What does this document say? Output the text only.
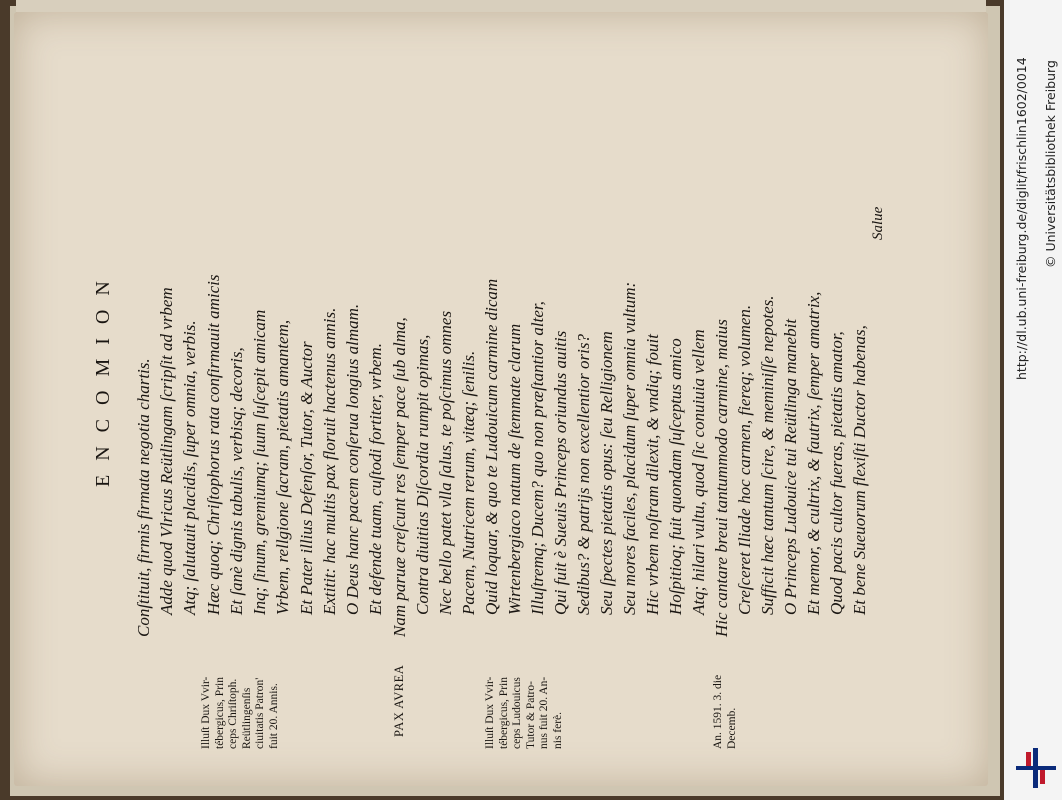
ENCOMION Conſtituit, firmis firmata negotia chartis. Adde quod Vlricus Reütlingam ſcripſit ad vrbem Atq; ſalutauit placidis, ſuper omnia, verbis. Hæc quoq; Chriſtophorus rata confirmauit amicis Et ſanè dignis tabulis, verbisq; decoris, Inq; ſinum, gremiumq; ſuum ſuſcepit amicam Vrbem, rellgione ſacram, pietatis amantem, Et Pater illius Defenſor, Tutor, & Auctor Extitit: hac multis pax floruit hactenus annis. O Deus hanc pacem conſerua longius almam. Et defende tuam, cuſtodi fortiter, vrbem. Nam paruæ creſcunt res ſemper pace ſub alma, Contra diuitias Diſcordia rumpit opimas, Nec bello patet vlla ſalus, te poſcimus omnes Pacem, Nutricem rerum, vitæq; ſenilis. Quid loquar, & quo te Ludouicum carmine dicam Wirtenbergiaco natum de ſtemmate clarum Illuſtremq; Ducem? quo non præſtantior alter, Qui fuit è Sueuis Princeps oriundus auitis Sedibus? & patrijs non excellentior oris? Seu ſpectes pietatis opus: ſeu Relligionem Seu mores faciles, placidum ſuper omnia vultum: Hic vrbem noſtram dilexit, & vndiq; fouit Hoſpitioq; fuit quondam ſuſceptus amico Atq; hilari vultu, quod ſic conuiuia vellem Hic cantare breui tantummodo carmine, maius Creſceret Iliade hoc carmen, fiereq; volumen. Sufficit hæc tantum ſcire, & meminiſſe nepotes. O Princeps Ludouice tui Reütlinga manebit Et memor, & cultrix, & fautrix, ſemper amatrix, Quod pacis cultor fueras, pietatis amator, Et bene Sueuorum flexiſti Ductor habenas,
Illuſt Dux Vvir-
tébergicus, Prin
ceps Chriſtoph.
Reütlingenſis
ciuitatis Patron'
fuit 20. Annis.	PAX AVREA
Illuſt Dux Vvir-
tébergicus, Prin
ceps Ludouicus
Tutor & Patro-
nus fuit 20. An-
nis ferè.
An. 1591. 3. die
Decemb.
Salue	http://dl.ub.uni-freiburg.de/diglit/frischlin1602/0014 © Universitätsbibliothek Freiburg
